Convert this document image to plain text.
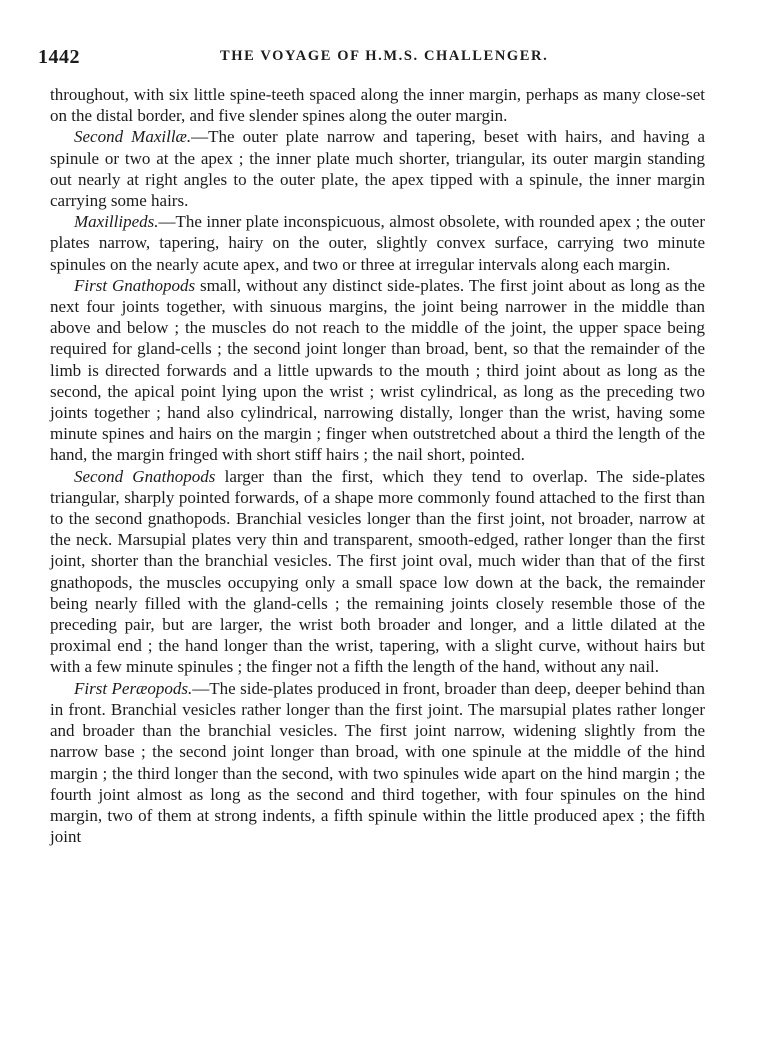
1442	THE VOYAGE OF H.M.S. CHALLENGER.

throughout, with six little spine-teeth spaced along the inner margin, perhaps as many close-set on the distal border, and five slender spines along the outer margin.

Second Maxillæ.—The outer plate narrow and tapering, beset with hairs, and having a spinule or two at the apex ; the inner plate much shorter, triangular, its outer margin standing out nearly at right angles to the outer plate, the apex tipped with a spinule, the inner margin carrying some hairs.

Maxillipeds.—The inner plate inconspicuous, almost obsolete, with rounded apex ; the outer plates narrow, tapering, hairy on the outer, slightly convex surface, carrying two minute spinules on the nearly acute apex, and two or three at irregular intervals along each margin.

First Gnathopods small, without any distinct side-plates. The first joint about as long as the next four joints together, with sinuous margins, the joint being narrower in the middle than above and below ; the muscles do not reach to the middle of the joint, the upper space being required for gland-cells ; the second joint longer than broad, bent, so that the remainder of the limb is directed forwards and a little upwards to the mouth ; third joint about as long as the second, the apical point lying upon the wrist ; wrist cylindrical, as long as the preceding two joints together ; hand also cylindrical, narrowing distally, longer than the wrist, having some minute spines and hairs on the margin ; finger when outstretched about a third the length of the hand, the margin fringed with short stiff hairs ; the nail short, pointed.

Second Gnathopods larger than the first, which they tend to overlap. The side-plates triangular, sharply pointed forwards, of a shape more commonly found attached to the first than to the second gnathopods. Branchial vesicles longer than the first joint, not broader, narrow at the neck. Marsupial plates very thin and transparent, smooth-edged, rather longer than the first joint, shorter than the branchial vesicles. The first joint oval, much wider than that of the first gnathopods, the muscles occupying only a small space low down at the back, the remainder being nearly filled with the gland-cells ; the remaining joints closely resemble those of the preceding pair, but are larger, the wrist both broader and longer, and a little dilated at the proximal end ; the hand longer than the wrist, tapering, with a slight curve, without hairs but with a few minute spinules ; the finger not a fifth the length of the hand, without any nail.

First Peræopods.—The side-plates produced in front, broader than deep, deeper behind than in front. Branchial vesicles rather longer than the first joint. The marsupial plates rather longer and broader than the branchial vesicles. The first joint narrow, widening slightly from the narrow base ; the second joint longer than broad, with one spinule at the middle of the hind margin ; the third longer than the second, with two spinules wide apart on the hind margin ; the fourth joint almost as long as the second and third together, with four spinules on the hind margin, two of them at strong indents, a fifth spinule within the little produced apex ; the fifth joint
